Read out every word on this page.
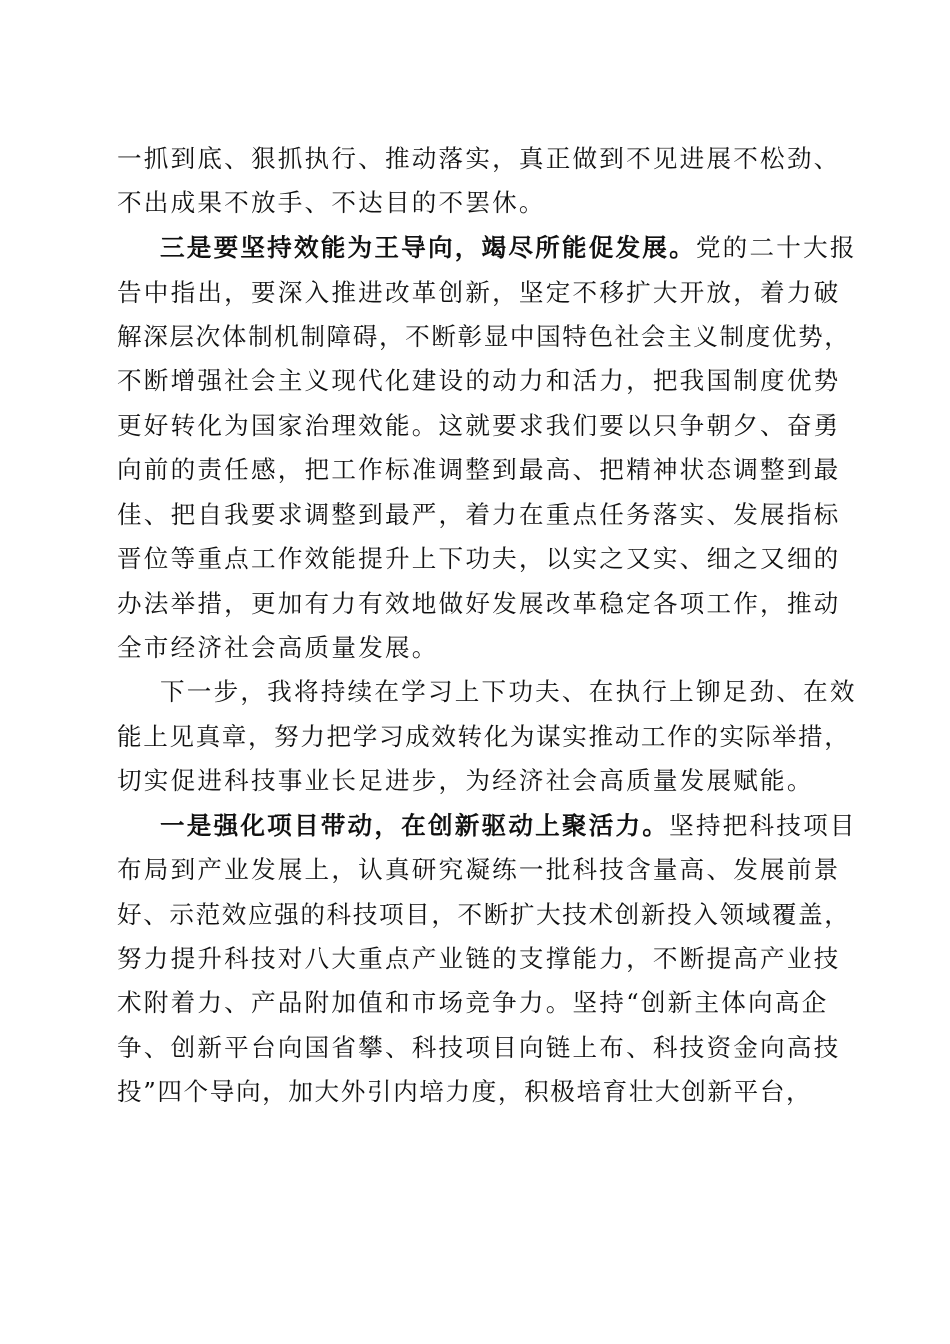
一抓到底、狠抓执行、推动落实，真正做到不见进展不松劲、
不出成果不放手、不达目的不罢休。
三是要坚持效能为王导向，竭尽所能促发展。党的二十大报
告中指出，要深入推进改革创新，坚定不移扩大开放，着力破
解深层次体制机制障碍，不断彰显中国特色社会主义制度优势，
不断增强社会主义现代化建设的动力和活力，把我国制度优势
更好转化为国家治理效能。这就要求我们要以只争朝夕、奋勇
向前的责任感，把工作标准调整到最高、把精神状态调整到最
佳、把自我要求调整到最严，着力在重点任务落实、发展指标
晋位等重点工作效能提升上下功夫，以实之又实、细之又细的
办法举措，更加有力有效地做好发展改革稳定各项工作，推动
全市经济社会高质量发展。
下一步，我将持续在学习上下功夫、在执行上铆足劲、在效
能上见真章，努力把学习成效转化为谋实推动工作的实际举措，
切实促进科技事业长足进步，为经济社会高质量发展赋能。
一是强化项目带动，在创新驱动上聚活力。坚持把科技项目
布局到产业发展上，认真研究凝练一批科技含量高、发展前景
好、示范效应强的科技项目，不断扩大技术创新投入领域覆盖，
努力提升科技对八大重点产业链的支撑能力，不断提高产业技
术附着力、产品附加值和市场竞争力。坚持“创新主体向高企
争、创新平台向国省攀、科技项目向链上布、科技资金向高技
投”四个导向，加大外引内培力度，积极培育壮大创新平台，
